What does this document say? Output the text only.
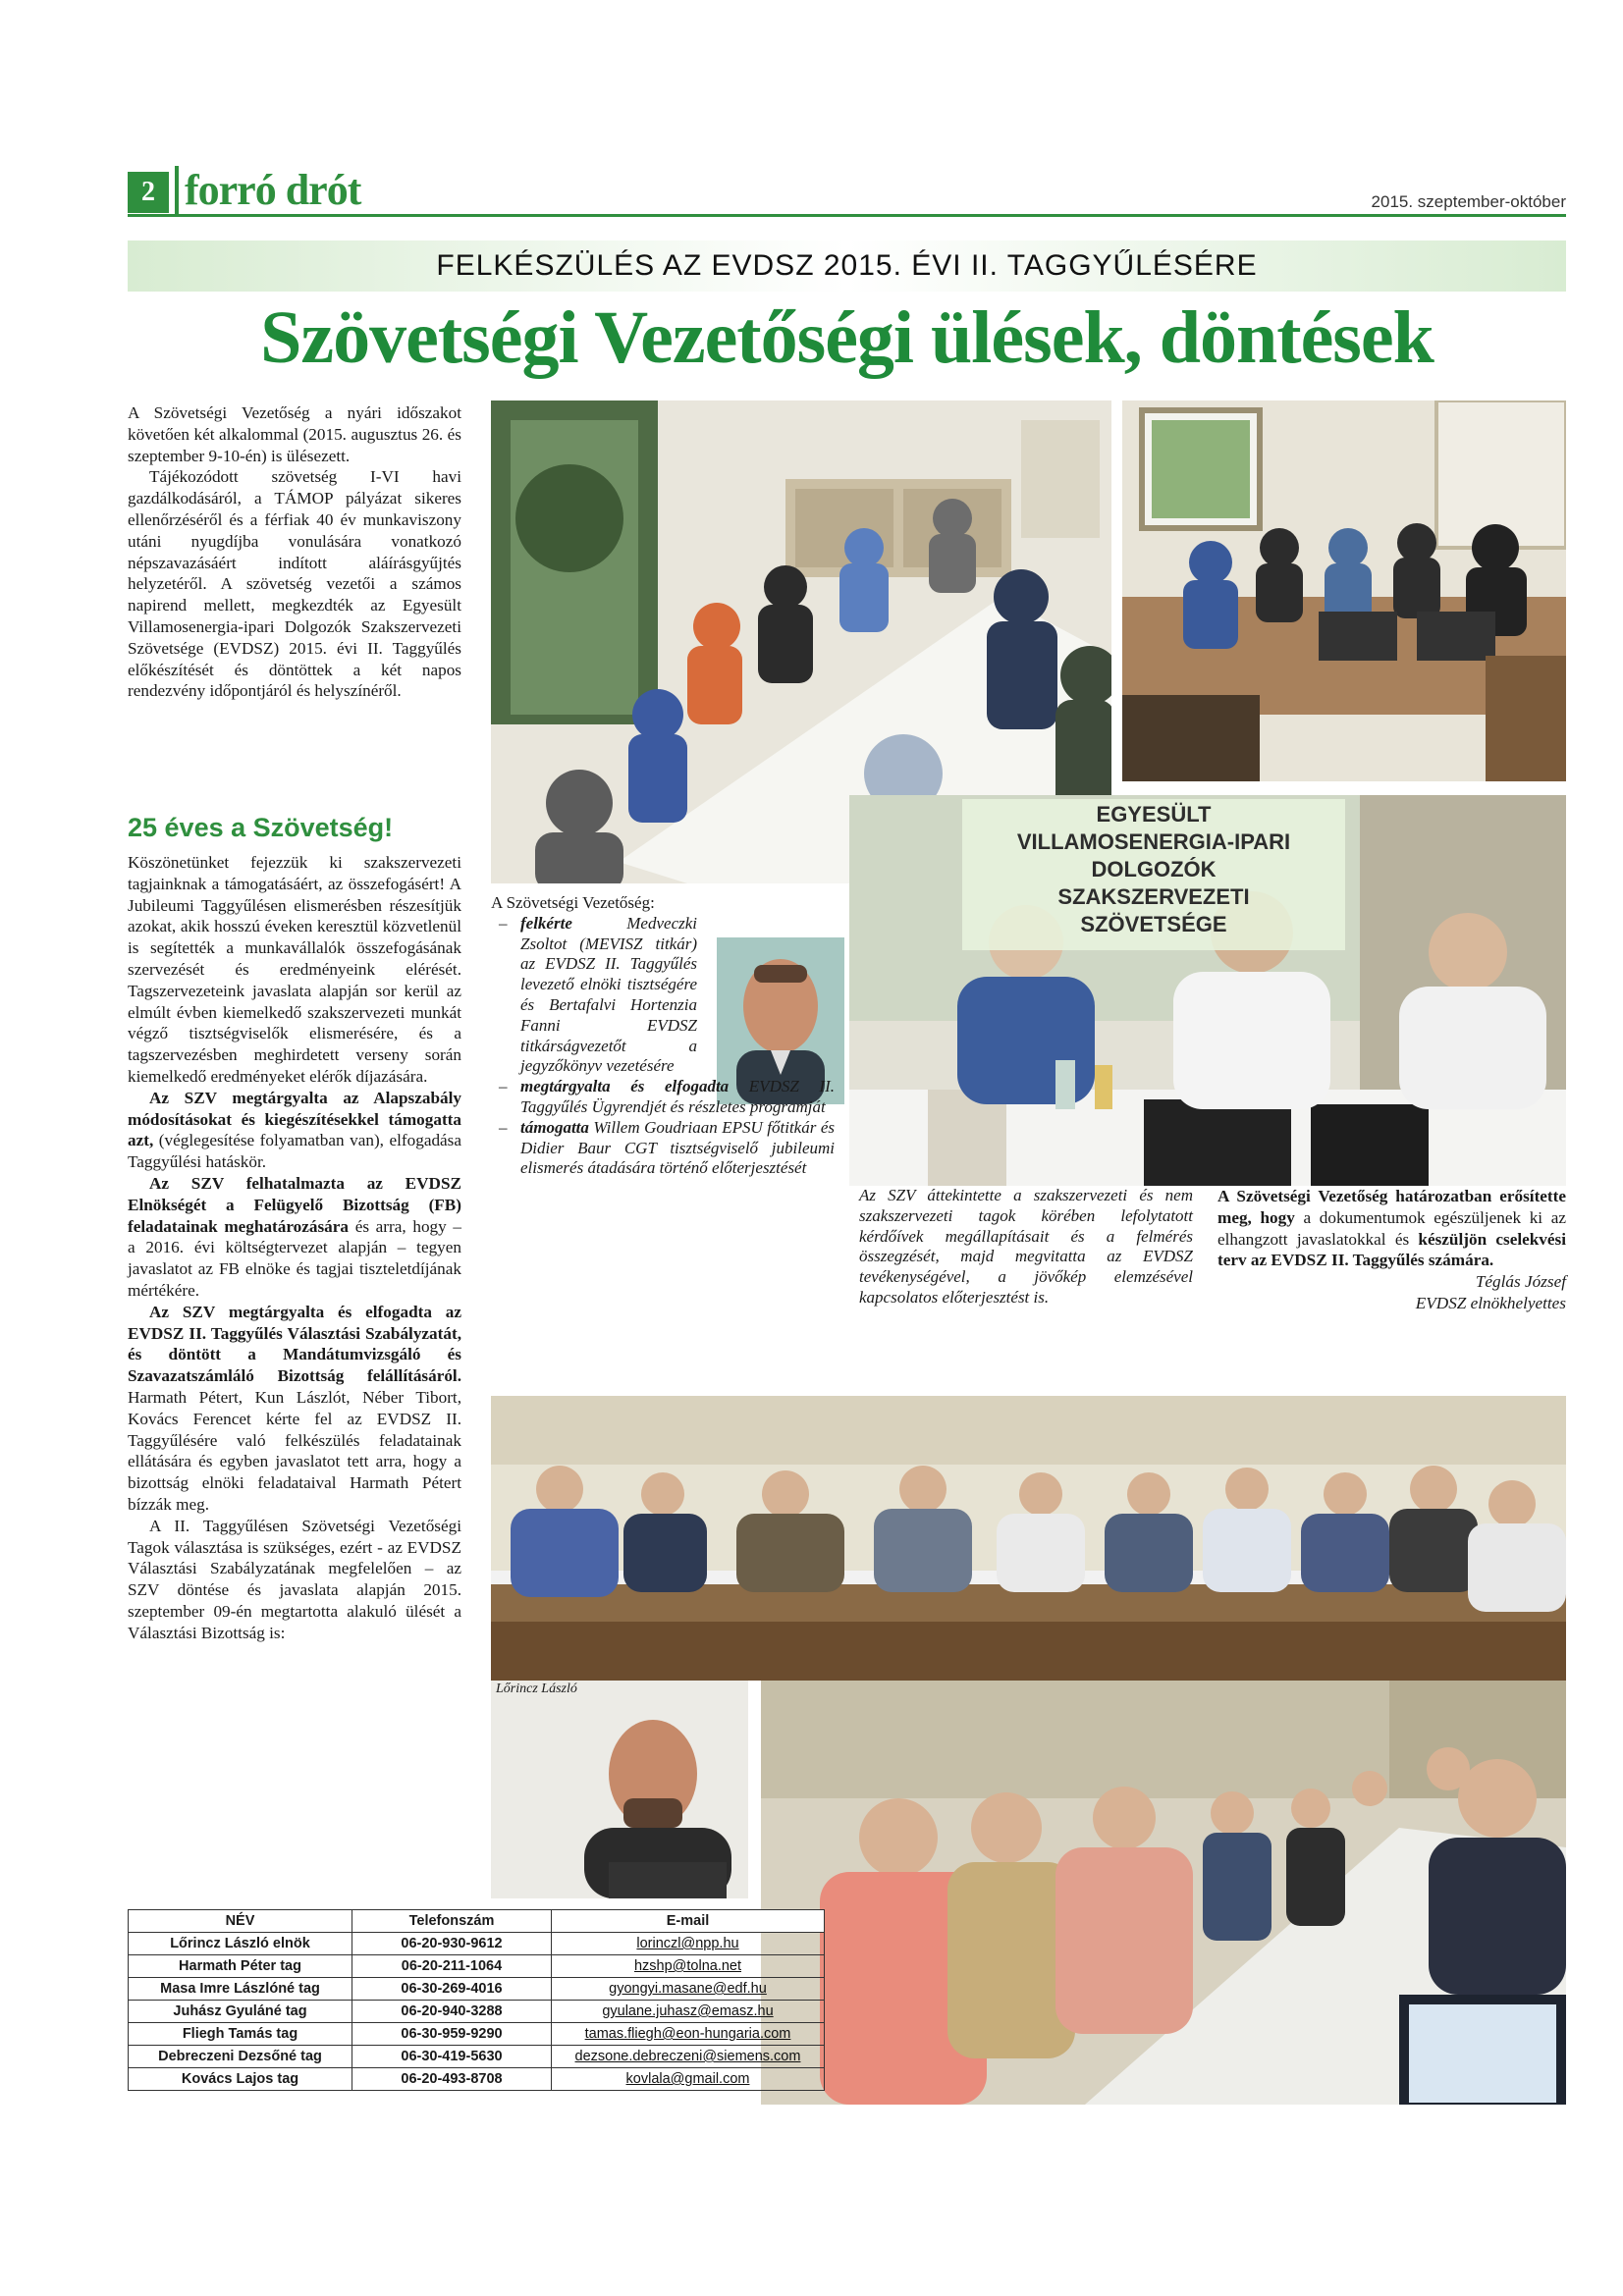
2 forró drót	2015. szeptember-október
FELKÉSZÜLÉS AZ EVDSZ 2015. ÉVI II. TAGGYŰLÉSÉRE
Szövetségi Vezetőségi ülések, döntések

A Szövetségi Vezetőség a nyári időszakot követően két alkalommal (2015. augusztus 26. és szeptember 9-10-én) is ülésezett.

Tájékozódott szövetség I-VI havi gazdálkodásáról, a TÁMOP pályázat sikeres ellenőrzéséről és a férfiak 40 év munkaviszony utáni nyugdíjba vonulására vonatkozó népszavazásáért indított aláírásgyűjtés helyzetéről. A szövetség vezetői a számos napirend mellett, megkezdték az Egyesült Villamosenergia-ipari Dolgozók Szakszervezeti Szövetsége (EVDSZ) 2015. évi II. Taggyűlés előkészítését és döntöttek a két napos rendezvény időpontjáról és helyszínéről.

25 éves a Szövetség!

Köszönetünket fejezzük ki szakszervezeti tagjainknak a támogatásáért, az összefogásért! A Jubileumi Taggyűlésen elismerésben részesítjük azokat, akik hosszú éveken keresztül közvetlenül is segítették a munkavállalók összefogásának szervezését és eredményeink elérését. Tagszervezeteink javaslata alapján sor kerül az elmúlt évben kiemelkedő szakszervezeti munkát végző tisztségviselők elismerésére, és a tagszervezésben meghirdetett verseny során kiemelkedő eredményeket elérők díjazására.

Az SZV megtárgyalta az Alapszabály módosításokat és kiegészítésekkel támogatta azt, (véglegesítése folyamatban van), elfogadása Taggyűlési hatáskör.

Az SZV felhatalmazta az EVDSZ Elnökségét a Felügyelő Bizottság (FB) feladatainak meghatározására és arra, hogy – a 2016. évi költségtervezet alapján – tegyen javaslatot az FB elnöke és tagjai tiszteletdíjának mértékére.

Az SZV megtárgyalta és elfogadta az EVDSZ II. Taggyűlés Választási Szabályzatát, és döntött a Mandátumvizsgáló és Szavazatszámláló Bizottság felállításáról. Harmath Pétert, Kun Lászlót, Néber Tibort, Kovács Ferencet kérte fel az EVDSZ II. Taggyűlésére való felkészülés feladatainak ellátására és egyben javaslatot tett arra, hogy a bizottság elnöki feladataival Harmath Pétert bízzák meg.

A II. Taggyűlésen Szövetségi Vezetőségi Tagok választása is szükséges, ezért - az EVDSZ Választási Szabályzatának megfelelően – az SZV döntése és javaslata alapján 2015. szeptember 09-én megtartotta alakuló ülését a Választási Bizottság is:

EGYESÜLT
VILLAMOSENERGIA-IPARI
DOLGOZÓK
SZAKSZERVEZETI
SZÖVETSÉGE
A Szövetségi Vezetőség:
– felkérte Medveczki Zsoltot (MEVISZ titkár) az EVDSZ II. Taggyűlés levezető elnöki tisztségére és Bertafalvi Hortenzia Fanni EVDSZ titkárságvezetőt a jegyzőkönyv vezetésére
– megtárgyalta és elfogadta EVDSZ II. Taggyűlés Ügyrendjét és részletes programját
– támogatta Willem Goudriaan EPSU főtitkár és Didier Baur CGT tisztségviselő jubileumi elismerés átadására történő előterjesztését
Az SZV áttekintette a szakszervezeti és nem szakszervezeti tagok körében lefolytatott kérdőívek megállapításait és a felmérés összegzését, majd megvitatta az EVDSZ tevékenységével, a jövőkép elemzésével kapcsolatos előterjesztést is.

A Szövetségi Vezetőség határozatban erősítette meg, hogy a dokumentumok egészüljenek ki az elhangzott javaslatokkal és készüljön cselekvési terv az EVDSZ II. Taggyűlés számára.

Téglás József
EVDSZ elnökhelyettes
Lőrincz László
NÉV	Telefonszám	E-mail
Lőrincz László elnök	06-20-930-9612	lorinczl@npp.hu
Harmath Péter tag	06-20-211-1064	hzshp@tolna.net
Masa Imre Lászlóné tag	06-30-269-4016	gyongyi.masane@edf.hu
Juhász Gyuláné tag	06-20-940-3288	gyulane.juhasz@emasz.hu
Fliegh Tamás tag	06-30-959-9290	tamas.fliegh@eon-hungaria.com
Debreczeni Dezsőné tag	06-30-419-5630	dezsone.debreczeni@siemens.com
Kovács Lajos tag	06-20-493-8708	kovlala@gmail.com
